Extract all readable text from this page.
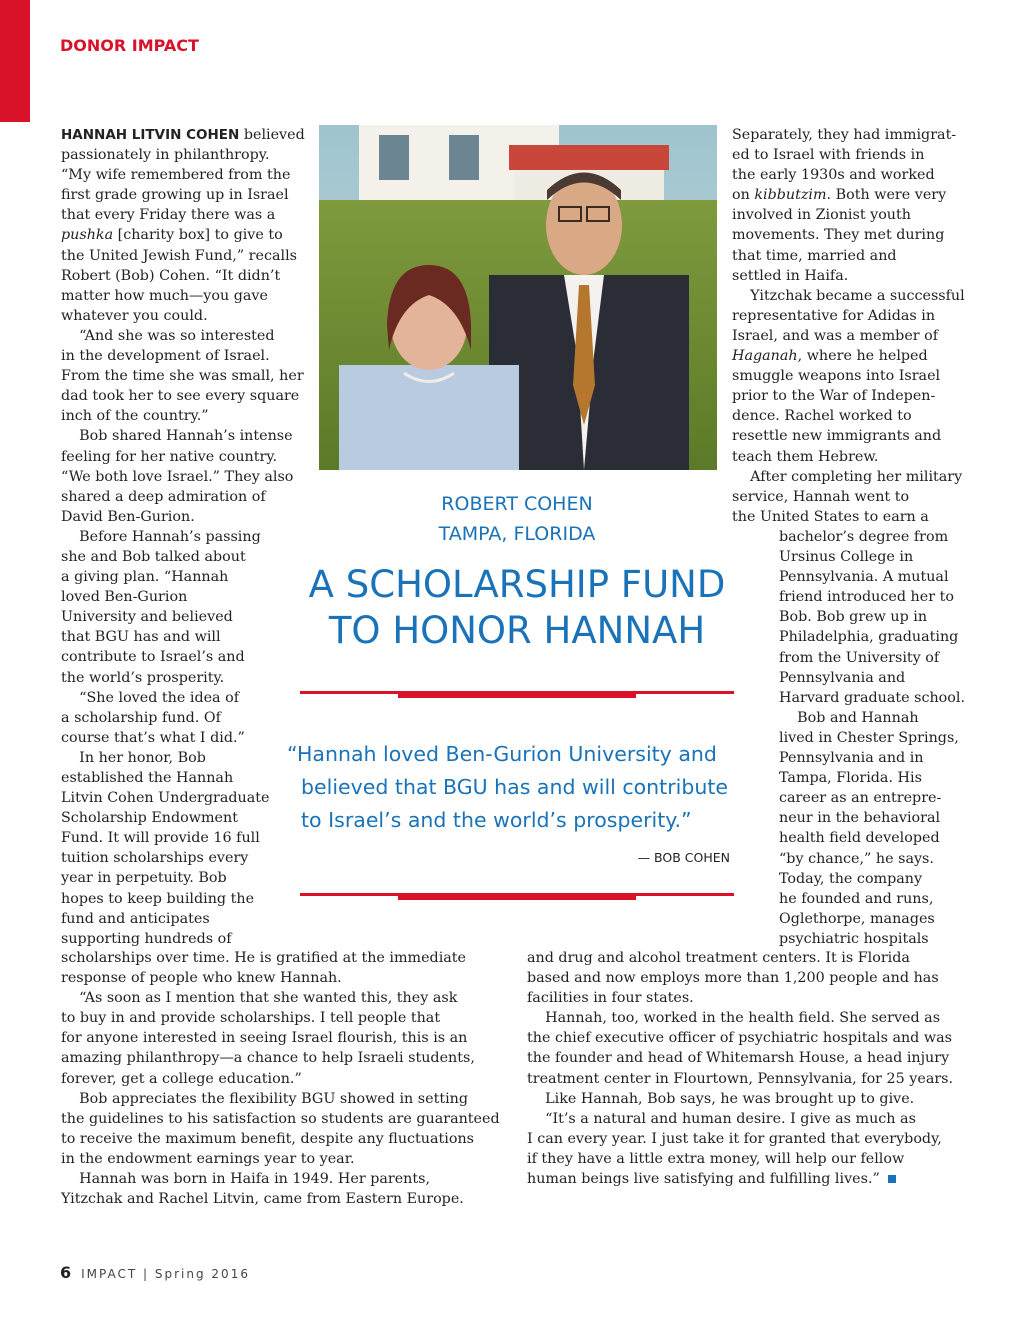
DONOR IMPACT
HANNAH LITVIN COHEN believed
passionately in philanthropy.
“My wife remembered from the
first grade growing up in Israel
that every Friday there was a
pushka [charity box] to give to
the United Jewish Fund,” recalls
Robert (Bob) Cohen. “It didn’t
matter how much—you gave
whatever you could.
“And she was so interested
in the development of Israel.
From the time she was small, her
dad took her to see every square
inch of the country.”
Bob shared Hannah’s intense
feeling for her native country.
“We both love Israel.” They also
shared a deep admiration of
David Ben-Gurion.
Before Hannah’s passing
she and Bob talked about
a giving plan. “Hannah
loved Ben-Gurion
University and believed
that BGU has and will
contribute to Israel’s and
the world’s prosperity.
“She loved the idea of
a scholarship fund. Of
course that’s what I did.”
In her honor, Bob
established the Hannah
Litvin Cohen Undergraduate
Scholarship Endowment
Fund. It will provide 16 full
tuition scholarships every
year in perpetuity. Bob
hopes to keep building the
fund and anticipates
supporting hundreds of
ROBERT COHEN
TAMPA, FLORIDA
A SCHOLARSHIP FUND
TO HONOR HANNAH
“Hannah loved Ben-Gurion University and
believed that BGU has and will contribute
to Israel’s and the world’s prosperity.”
— BOB COHEN
scholarships over time. He is gratified at the immediate
response of people who knew Hannah.
“As soon as I mention that she wanted this, they ask
to buy in and provide scholarships. I tell people that
for anyone interested in seeing Israel flourish, this is an
amazing philanthropy—a chance to help Israeli students,
forever, get a college education.”
Bob appreciates the flexibility BGU showed in setting
the guidelines to his satisfaction so students are guaranteed
to receive the maximum benefit, despite any fluctuations
in the endowment earnings year to year.
Hannah was born in Haifa in 1949. Her parents,
Yitzchak and Rachel Litvin, came from Eastern Europe.
Separately, they had immigrat-
ed to Israel with friends in
the early 1930s and worked
on kibbutzim. Both were very
involved in Zionist youth
movements. They met during
that time, married and
settled in Haifa.
Yitzchak became a successful
representative for Adidas in
Israel, and was a member of
Haganah, where he helped
smuggle weapons into Israel
prior to the War of Indepen-
dence. Rachel worked to
resettle new immigrants and
teach them Hebrew.
After completing her military
service, Hannah went to
the United States to earn a
bachelor’s degree from
Ursinus College in
Pennsylvania. A mutual
friend introduced her to
Bob. Bob grew up in
Philadelphia, graduating
from the University of
Pennsylvania and
Harvard graduate school.
Bob and Hannah
lived in Chester Springs,
Pennsylvania and in
Tampa, Florida. His
career as an entrepre-
neur in the behavioral
health field developed
“by chance,” he says.
Today, the company
he founded and runs,
Oglethorpe, manages
psychiatric hospitals
and drug and alcohol treatment centers. It is Florida
based and now employs more than 1,200 people and has
facilities in four states.
Hannah, too, worked in the health field. She served as
the chief executive officer of psychiatric hospitals and was
the founder and head of Whitemarsh House, a head injury
treatment center in Flourtown, Pennsylvania, for 25 years.
Like Hannah, Bob says, he was brought up to give.
“It’s a natural and human desire. I give as much as
I can every year. I just take it for granted that everybody,
if they have a little extra money, will help our fellow
human beings live satisfying and fulfilling lives.”
6 IMPACT | Spring 2016
